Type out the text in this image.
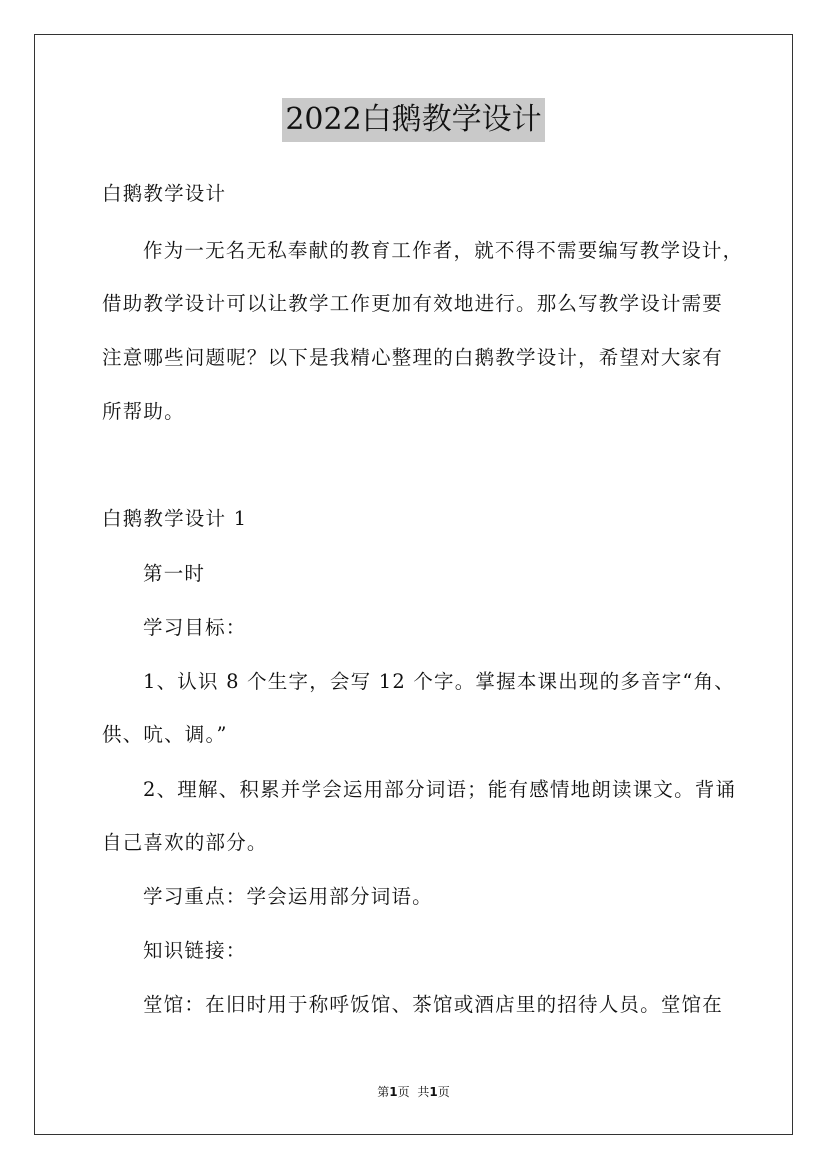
2022白鹅教学设计
白鹅教学设计
作为一无名无私奉献的教育工作者，就不得不需要编写教学设计，
借助教学设计可以让教学工作更加有效地进行。那么写教学设计需要
注意哪些问题呢？以下是我精心整理的白鹅教学设计，希望对大家有
所帮助。
白鹅教学设计 1
第一时
学习目标：
1、认识 8 个生字，会写 12 个字。掌握本课出现的多音字“角、
供、吭、调。”
2、理解、积累并学会运用部分词语；能有感情地朗读课文。背诵
自己喜欢的部分。
学习重点：学会运用部分词语。
知识链接：
堂馆：在旧时用于称呼饭馆、茶馆或酒店里的招待人员。堂馆在
第1页 共1页
